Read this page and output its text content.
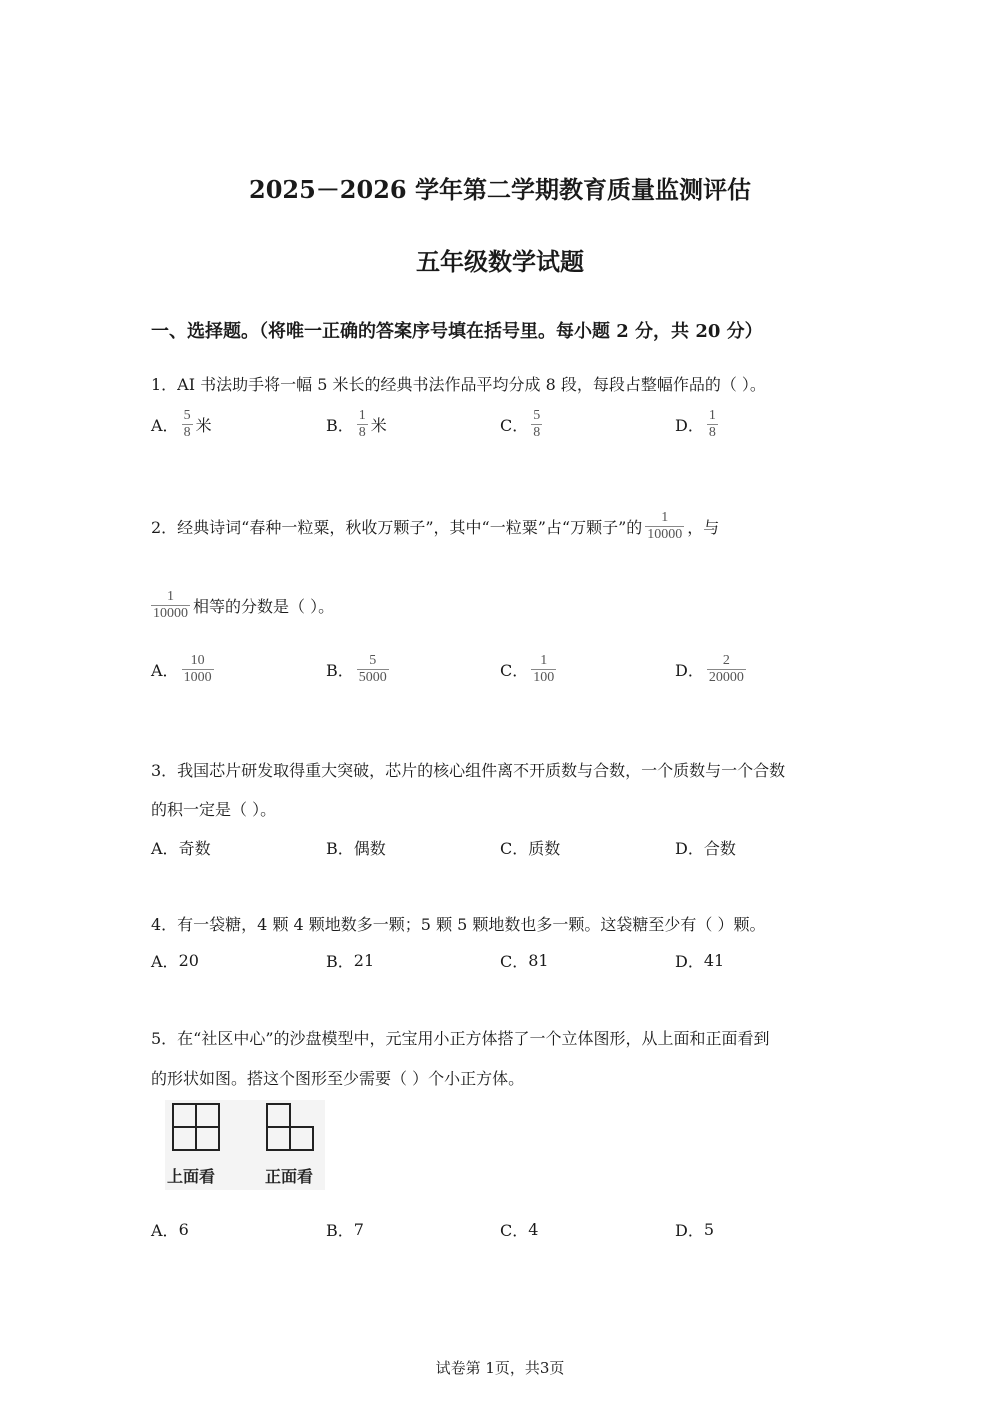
2025－2026 学年第二学期教育质量监测评估
五年级数学试题
一、选择题。（将唯一正确的答案序号填在括号里。每小题 2 分，共 20 分）
1．AI 书法助手将一幅 5 米长的经典书法作品平均分成 8 段，每段占整幅作品的（ ）。
A． $\frac{5}{8}$ 米	B． $\frac{1}{8}$ 米	C． $\frac{5}{8}$	D． $\frac{1}{8}$
2．经典诗词“春种一粒粟，秋收万颗子”，其中“一粒粟”占“万颗子”的 $\frac{1}{10000}$ ，与
$\frac{1}{10000}$ 相等的分数是（ ）。
A． $\frac{10}{1000}$	B． $\frac{5}{5000}$	C． $\frac{1}{100}$	D． $\frac{2}{20000}$
3．我国芯片研发取得重大突破，芯片的核心组件离不开质数与合数，一个质数与一个合数
的积一定是（ ）。
A． 奇数	B． 偶数	C． 质数	D． 合数
4．有一袋糖，4 颗 4 颗地数多一颗；5 颗 5 颗地数也多一颗。这袋糖至少有（ ）颗。
A． 20	B． 21	C． 81	D． 41
5．在“社区中心”的沙盘模型中，元宝用小正方体搭了一个立体图形，从上面和正面看到
的形状如图。搭这个图形至少需要（ ）个小正方体。
上面看	正面看
A． 6	B． 7	C． 4	D． 5
试卷第 1页，共3页
